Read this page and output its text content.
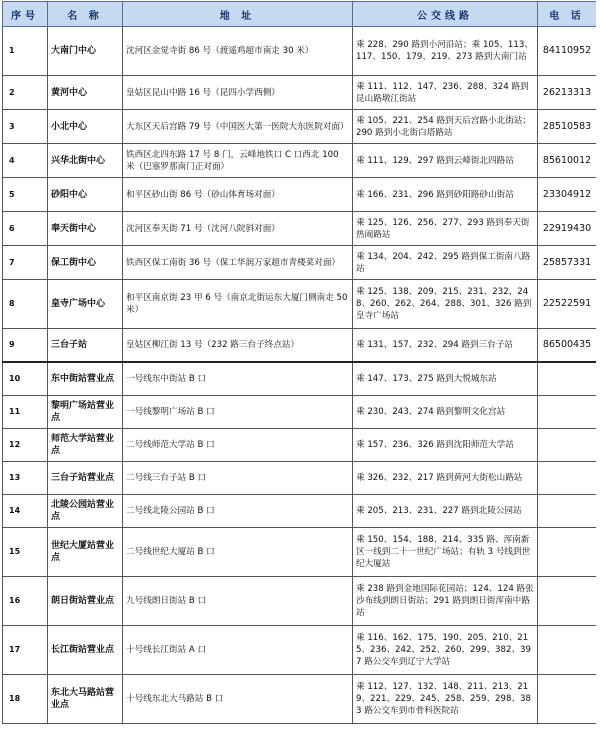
序号	名 称	地 址	公交线路	电 话
1	大南门中心	沈河区金觉寺街 86 号（渡遥鸡超市南走 30 米）	乘 228、290 路到小河沿站；乘 105、113、117、150、179、219、273 路到大南门站	84110952
2	黄河中心	皇姑区昆山中路 16 号（昆四小学西侧）	乘 111、112、147、236、288、324 路到昆山路墩江街站	26213313
3	小北中心	大东区天后宫路 79 号（中国医大第一医院大东医院对面）	乘 105、221、254 路到天后宫路小北街站；290 路到小北街白塔路站	28510583
4	兴华北街中心	铁西区北四东路 17 号 8 门，云峰地铁口 C 口西北 100 米（巴塞罗那南门正对面）	乘 111、129、297 路到云峰街北四路站	85610012
5	砂阳中心	和平区砂山街 86 号（砂山体育场对面）	乘 166、231、296 路到砂阳路砂山街站	23304912
6	奉天街中心	沈河区奉天街 71 号（沈河八院斜对面）	乘 125、126、256、277、293 路到奉天街热闹路站	22919430
7	保工街中心	铁西区保工南街 36 号（保工华润万家超市青楼菜对面）	乘 134、204、242、295 路到保工街南八路站	25857331
8	皇寺广场中心	和平区南京街 23 甲 6 号（南京北街运东大厦门侧南走 50 米）	乘 125、138、209、215、231、232、248、260、262、264、288、301、326 路到皇寺广场站	22522591
9	三台子站	皇姑区柳江街 13 号（232 路三台子终点站）	乘 131、157、232、294 路到三台子站	86500435
10	东中街站营业点	一号线东中街站 B 口	乘 147、173、275 路到大悦城东站	
11	黎明广场站营业点	一号线黎明广场站 B 口	乘 230、243、274 路到黎明文化宫站	
12	师范大学站营业点	二号线师范大学站 B 口	乘 157、236、326 路到沈阳师范大学站	
13	三台子站营业点	二号线三台子站 B 口	乘 326、232、217 路到黄河大街松山路站	
14	北陵公园站营业点	二号线北陵公园站 B 口	乘 205、213、231、227 路到北陵公园站	
15	世纪大厦站营业点	二号线世纪大厦站 B 口	乘 150、154、188、214、335 路、浑南新区一线到二十一世纪广场站；有轨 3 号线到世纪大厦站	
16	朗日街站营业点	九号线朗日街站 B 口	乘 238 路到金地国际花园站；124、124 路张沙布线到朗日街站；291 路到朗日街浑南中路站	
17	长江街站营业点	十号线长江街站 A 口	乘 116、162、175、190、205、210、215、236、242、252、260、299、382、397 路公交车到辽宁大学站	
18	东北大马路站营业点	十号线东北大马路站 B 口	乘 112、127、132、148、211、213、219、221、229、245、258、259、298、383 路公交车到市骨科医院站	
